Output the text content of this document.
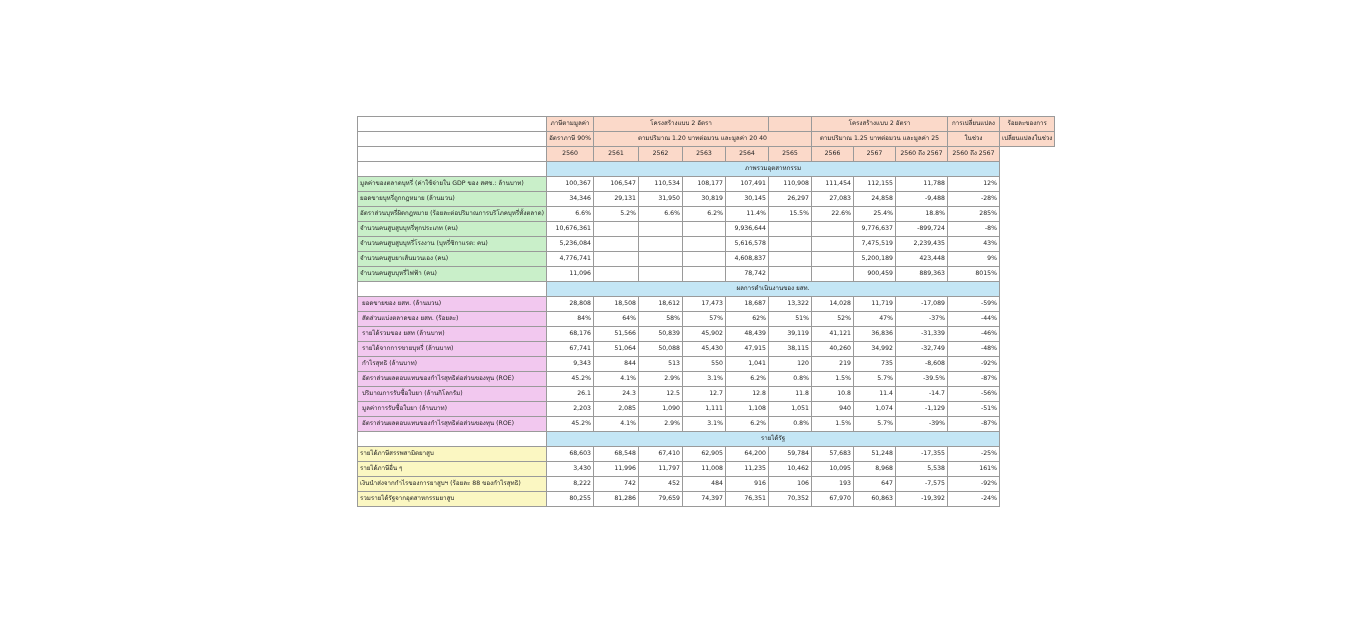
	ภาษีตามมูลค่า	โครงสร้างแบบ 2 อัตรา					โครงสร้างแบบ 2 อัตรา			การเปลี่ยนแปลง	ร้อยละของการ
	อัตราภาษี 90%	ตามปริมาณ 1.20 บาทต่อมวน และมูลค่า 20 40					ตามปริมาณ 1.25 บาทต่อมวน และมูลค่า 25			ในช่วง	เปลี่ยนแปลงในช่วง
	2560	2561	2562	2563	2564	2565	2566	2567	2560 ถึง 2567	2560 ถึง 2567	
	ภาพรวมอุตสาหกรรม										
มูลค่าของตลาดบุหรี่ (ค่าใช้จ่ายใน GDP ของ สศช.: ล้านบาท)	100,367	106,547	110,534	108,177	107,491	110,908	111,454	112,155	11,788	12%	
ยอดขายบุหรี่ถูกกฎหมาย (ล้านมวน)	34,346	29,131	31,950	30,819	30,145	26,297	27,083	24,858	-9,488	-28%	
อัตราส่วนบุหรี่ผิดกฎหมาย (ร้อยละต่อปริมาณการบริโภคบุหรี่ทั้งตลาด)	6.6%	5.2%	6.6%	6.2%	11.4%	15.5%	22.6%	25.4%	18.8%	285%	
จำนวนคนสูบสูบบุหรี่ทุกประเภท (คน)	10,676,361				9,936,644			9,776,637	-899,724	-8%	
จำนวนคนสูบสูบบุหรี่โรงงาน (บุหรี่ซิกาแรต: คน)	5,236,084				5,616,578			7,475,519	2,239,435	43%	
จำนวนคนสูบยาเส้นมวนเอง (คน)	4,776,741				4,608,837			5,200,189	423,448	9%	
จำนวนคนสูบบุหรี่ไฟฟ้า (คน)	11,096				78,742			900,459	889,363	8015%	
	ผลการดำเนินงานของ ยสท.										
ยอดขายของ ยสท. (ล้านมวน)	28,808	18,508	18,612	17,473	18,687	13,322	14,028	11,719	-17,089	-59%	
สัดส่วนแบ่งตลาดของ ยสท. (ร้อยละ)	84%	64%	58%	57%	62%	51%	52%	47%	-37%	-44%	
รายได้รวมของ ยสท (ล้านบาท)	68,176	51,566	50,839	45,902	48,439	39,119	41,121	36,836	-31,339	-46%	
รายได้จากการขายบุหรี่ (ล้านบาท)	67,741	51,064	50,088	45,430	47,915	38,115	40,260	34,992	-32,749	-48%	
กำไรสุทธิ (ล้านบาท)	9,343	844	513	550	1,041	120	219	735	-8,608	-92%	
อัตราส่วนผลตอบแทนของกำไรสุทธิต่อส่วนของทุน (ROE)	45.2%	4.1%	2.9%	3.1%	6.2%	0.8%	1.5%	5.7%	-39.5%	-87%	
ปริมาณการรับซื้อใบยา (ล้านกิโลกรัม)	26.1	24.3	12.5	12.7	12.8	11.8	10.8	11.4	-14.7	-56%	
มูลค่าการรับซื้อใบยา (ล้านบาท)	2,203	2,085	1,090	1,111	1,108	1,051	940	1,074	-1,129	-51%	
อัตราส่วนผลตอบแทนของกำไรสุทธิต่อส่วนของทุน (ROE)	45.2%	4.1%	2.9%	3.1%	6.2%	0.8%	1.5%	5.7%	-39%	-87%	
	รายได้รัฐ										
รายได้ภาษีสรรพสามิตยาสูบ	68,603	68,548	67,410	62,905	64,200	59,784	57,683	51,248	-17,355	-25%	
รายได้ภาษีอื่น ๆ	3,430	11,996	11,797	11,008	11,235	10,462	10,095	8,968	5,538	161%	
เงินนำส่งจากกำไรของการยาสูบฯ (ร้อยละ 88 ของกำไรสุทธิ)	8,222	742	452	484	916	106	193	647	-7,575	-92%	
รวมรายได้รัฐจากอุตสาหกรรมยาสูบ	80,255	81,286	79,659	74,397	76,351	70,352	67,970	60,863	-19,392	-24%	
